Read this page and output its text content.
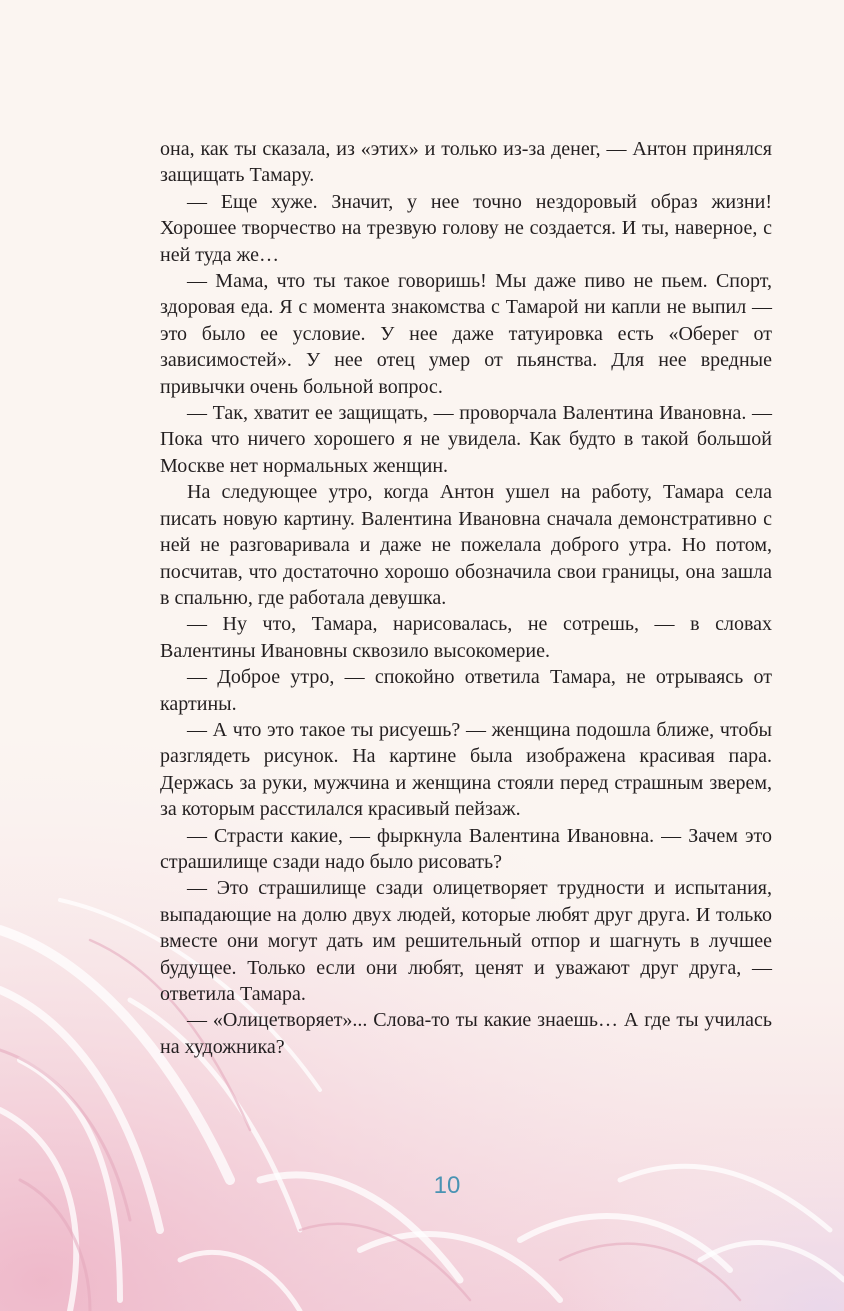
она, как ты сказала, из «этих» и только из-за денег, — Антон принялся защищать Тамару.

— Еще хуже. Значит, у нее точно нездоровый образ жизни! Хорошее творчество на трезвую голову не создается. И ты, наверное, с ней туда же…

— Мама, что ты такое говоришь! Мы даже пиво не пьем. Спорт, здоровая еда. Я с момента знакомства с Тамарой ни капли не выпил — это было ее условие. У нее даже татуировка есть «Оберег от зависимостей». У нее отец умер от пьянства. Для нее вредные привычки очень больной вопрос.

— Так, хватит ее защищать, — проворчала Валентина Ивановна. — Пока что ничего хорошего я не увидела. Как будто в такой большой Москве нет нормальных женщин.

На следующее утро, когда Антон ушел на работу, Тамара села писать новую картину. Валентина Ивановна сначала демонстративно с ней не разговаривала и даже не пожелала доброго утра. Но потом, посчитав, что достаточно хорошо обозначила свои границы, она зашла в спальню, где работала девушка.

— Ну что, Тамара, нарисовалась, не сотрешь, — в словах Валентины Ивановны сквозило высокомерие.

— Доброе утро, — спокойно ответила Тамара, не отрываясь от картины.

— А что это такое ты рисуешь? — женщина подошла ближе, чтобы разглядеть рисунок. На картине была изображена красивая пара. Держась за руки, мужчина и женщина стояли перед страшным зверем, за которым расстилался красивый пейзаж.

— Страсти какие, — фыркнула Валентина Ивановна. — Зачем это страшилище сзади надо было рисовать?

— Это страшилище сзади олицетворяет трудности и испытания, выпадающие на долю двух людей, которые любят друг друга. И только вместе они могут дать им решительный отпор и шагнуть в лучшее будущее. Только если они любят, ценят и уважают друг друга, — ответила Тамара.

— «Олицетворяет»... Слова-то ты какие знаешь… А где ты училась на художника?

10
